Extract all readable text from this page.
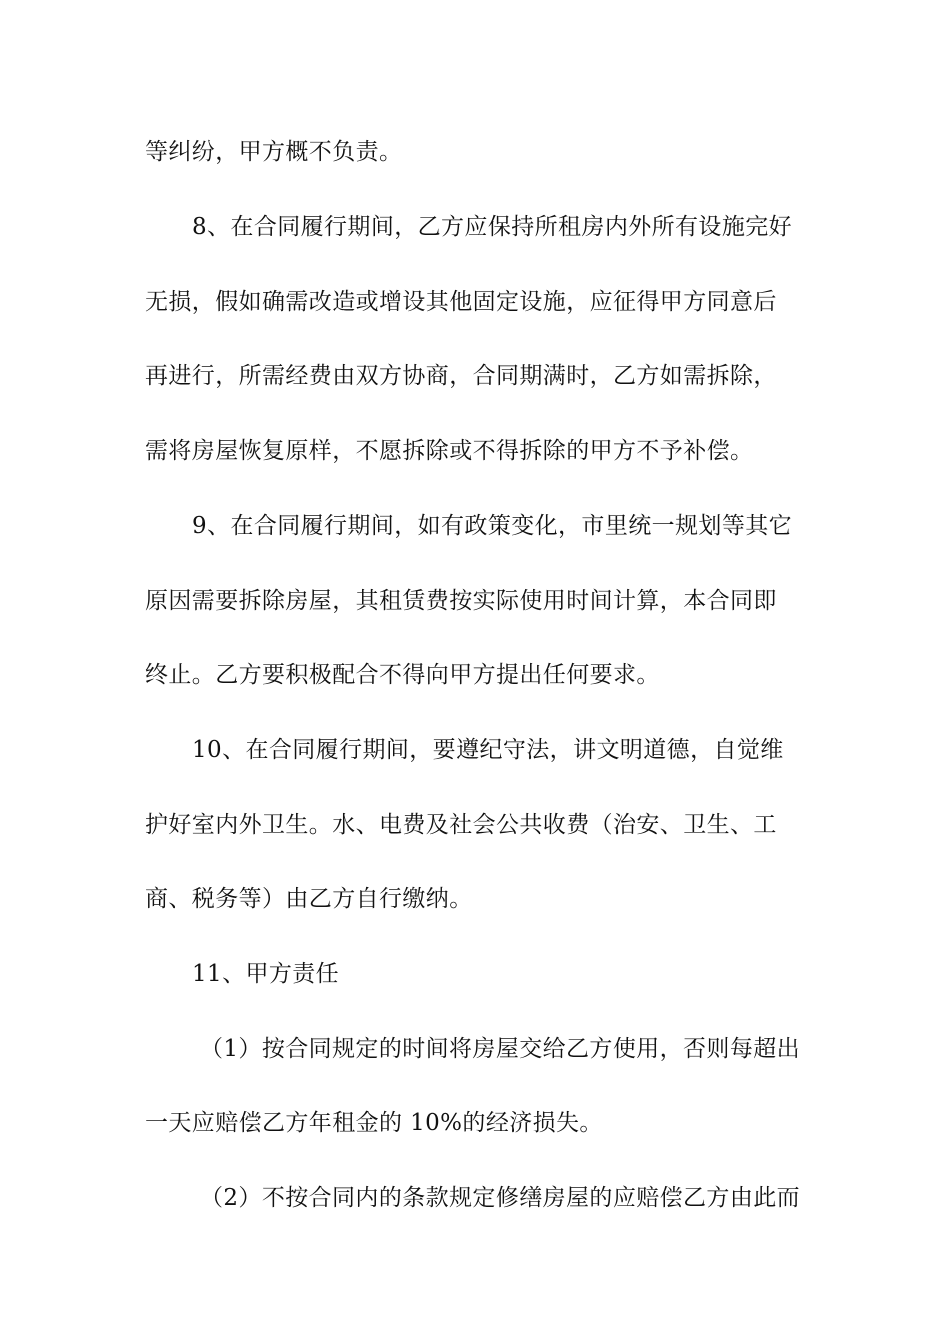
等纠纷，甲方概不负责。
8、在合同履行期间，乙方应保持所租房内外所有设施完好
无损，假如确需改造或增设其他固定设施，应征得甲方同意后
再进行，所需经费由双方协商，合同期满时，乙方如需拆除，
需将房屋恢复原样，不愿拆除或不得拆除的甲方不予补偿。
9、在合同履行期间，如有政策变化，市里统一规划等其它
原因需要拆除房屋，其租赁费按实际使用时间计算，本合同即
终止。乙方要积极配合不得向甲方提出任何要求。
10、在合同履行期间，要遵纪守法，讲文明道德，自觉维
护好室内外卫生。水、电费及社会公共收费（治安、卫生、工
商、税务等）由乙方自行缴纳。
11、甲方责任
（1）按合同规定的时间将房屋交给乙方使用，否则每超出
一天应赔偿乙方年租金的 10%的经济损失。
（2）不按合同内的条款规定修缮房屋的应赔偿乙方由此而
